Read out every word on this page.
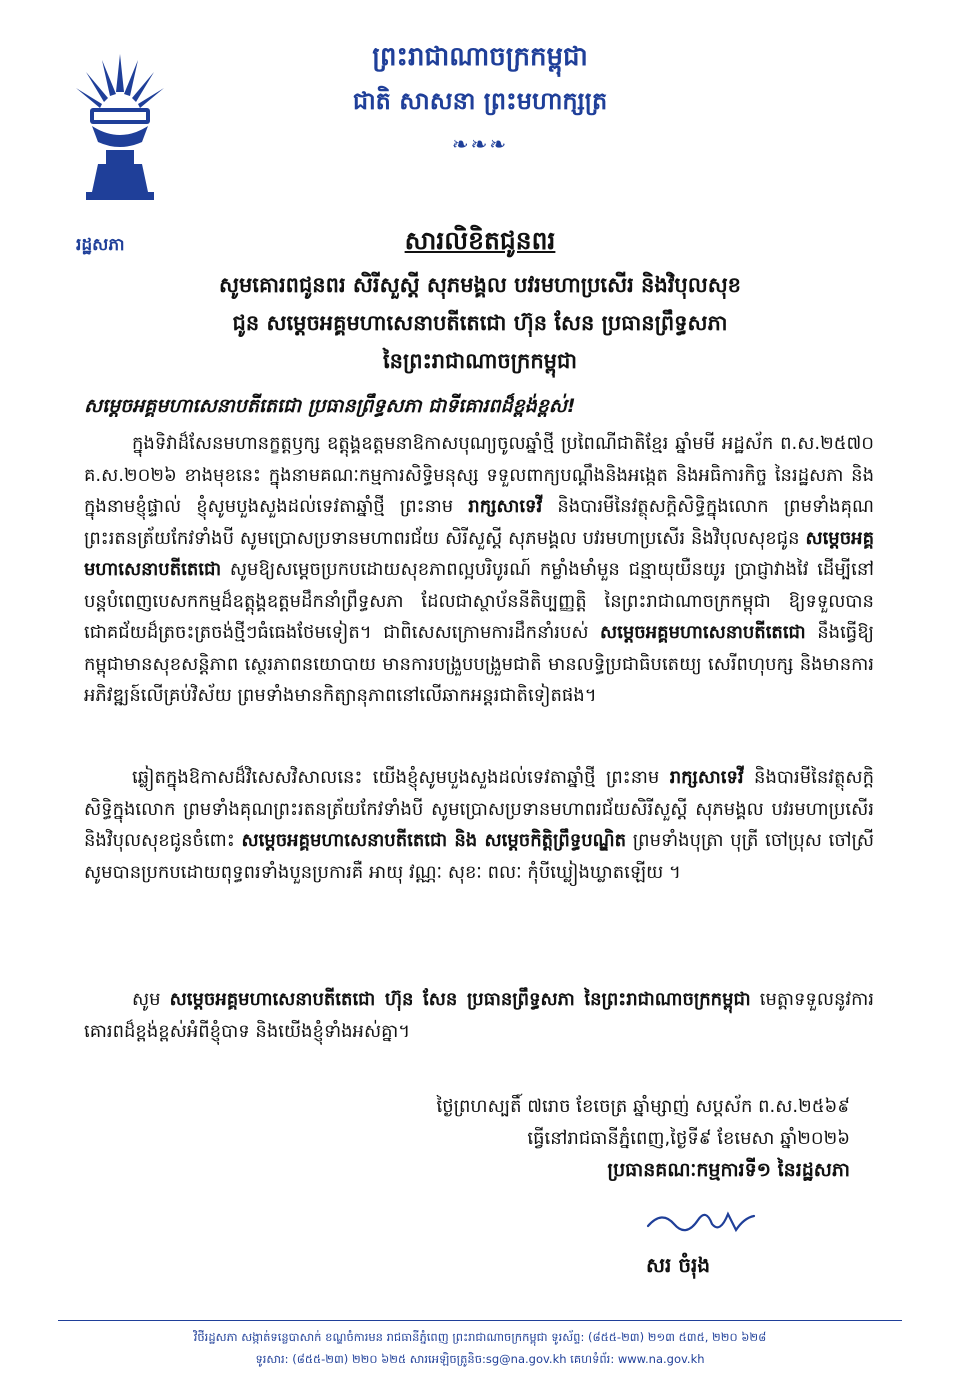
ព្រះរាជាណាចក្រកម្ពុជា
ជាតិ សាសនា ព្រះមហាក្សត្រ
❧❧❧
រដ្ឋសភា	សារលិខិតជូនពរ
សូមគោរពជូនពរ សិរីសួស្តី សុភមង្គល បវរមហាប្រសើរ និងវិបុលសុខ
ជូន សម្តេចអគ្គមហាសេនាបតីតេជោ ហ៊ុន សែន ប្រធានព្រឹទ្ធសភា
នៃព្រះរាជាណាចក្រកម្ពុជា
សម្តេចអគ្គមហាសេនាបតីតេជោ ប្រធានព្រឹទ្ធសភា ជាទីគោរពដ៏ខ្ពង់ខ្ពស់!

ក្នុងទិវាដ៏សែនមហានក្ខត្តឫក្ស ឧត្តុង្គឧត្តមនាឱកាសបុណ្យចូលឆ្នាំថ្មី ប្រពៃណីជាតិខ្មែរ ឆ្នាំមមី អដ្ឋស័ក ព.ស.២៥៧០ គ.ស.២០២៦ ខាងមុខនេះ ក្នុងនាមគណៈកម្មការសិទ្ធិមនុស្ស ទទួលពាក្យបណ្តឹងនិងអង្កេត និងអធិការកិច្ច នៃរដ្ឋសភា និងក្នុងនាមខ្ញុំផ្ទាល់ ខ្ញុំសូមបួងសួងដល់ទេវតាឆ្នាំថ្មី ព្រះនាម រាក្សសាទេវី និងបារមីនៃវត្ថុសក្តិសិទ្ធិក្នុងលោក ព្រមទាំងគុណព្រះរតនត្រ័យកែវទាំងបី សូមប្រោសប្រទានមហាពរជ័យ សិរីសួស្តី សុភមង្គល បវរមហាប្រសើរ និងវិបុលសុខជូន សម្តេចអគ្គមហាសេនាបតីតេជោ សូមឱ្យសម្តេចប្រកបដោយសុខភាពល្អបរិបូរណ៍ កម្លាំងមាំមួន ជន្មាយុយឺនយូរ ប្រាជ្ញាវាងវៃ ដើម្បីនៅបន្តបំពេញបេសកកម្មដ៏ឧត្តុង្គឧត្តមដឹកនាំព្រឹទ្ធសភា ដែលជាស្ថាប័ននីតិប្បញ្ញត្តិ នៃព្រះរាជាណាចក្រកម្ពុជា ឱ្យទទួលបានជោគជ័យដ៏ត្រចះត្រចង់ថ្មីៗធំធេងថែមទៀត។ ជាពិសេសក្រោមការដឹកនាំរបស់ សម្តេចអគ្គមហាសេនាបតីតេជោ នឹងធ្វើឱ្យកម្ពុជាមានសុខសន្តិភាព ស្ថេរភាពនយោបាយ មានការបង្រួបបង្រួមជាតិ មានលទ្ធិប្រជាធិបតេយ្យ សេរីពហុបក្ស និងមានការអភិវឌ្ឍន៍លើគ្រប់វិស័យ ព្រមទាំងមានកិត្យានុភាពនៅលើឆាកអន្តរជាតិទៀតផង។

ឆ្លៀតក្នុងឱកាសដ៏វិសេសវិសាលនេះ យើងខ្ញុំសូមបួងសួងដល់ទេវតាឆ្នាំថ្មី ព្រះនាម រាក្សសាទេវី និងបារមីនៃវត្ថុសក្តិសិទ្ធិក្នុងលោក ព្រមទាំងគុណព្រះរតនត្រ័យកែវទាំងបី សូមប្រោសប្រទានមហាពរជ័យសិរីសួស្តី សុភមង្គល បវរមហាប្រសើរ និងវិបុលសុខជូនចំពោះ សម្តេចអគ្គមហាសេនាបតីតេជោ និង សម្តេចកិត្តិព្រឹទ្ធបណ្ឌិត ព្រមទាំងបុត្រា បុត្រី ចៅប្រុស ចៅស្រី សូមបានប្រកបដោយពុទ្ធពរទាំងបួនប្រការគឺ អាយុ វណ្ណៈ សុខៈ ពលៈ កុំបីឃ្លៀងឃ្លាតឡើយ ។

សូម សម្តេចអគ្គមហាសេនាបតីតេជោ ហ៊ុន សែន ប្រធានព្រឹទ្ធសភា នៃព្រះរាជាណាចក្រកម្ពុជា មេត្តាទទួលនូវការគោរពដ៏ខ្ពង់ខ្ពស់អំពីខ្ញុំបាទ និងយើងខ្ញុំទាំងអស់គ្នា។

ថ្ងៃព្រហស្បតិ៍ ៧រោច ខែចេត្រ ឆ្នាំម្សាញ់ សប្តស័ក ព.ស.២៥៦៩
ធ្វើនៅរាជធានីភ្នំពេញ,ថ្ងៃទី៩ ខែមេសា ឆ្នាំ២០២៦
ប្រធានគណៈកម្មការទី១ នៃរដ្ឋសភា
សរ ចំរុង
វិថីរដ្ឋសភា សង្កាត់ទន្លេបាសាក់ ខណ្ឌចំការមន រាជធានីភ្នំពេញ ព្រះរាជាណាចក្រកម្ពុជា ទូរស័ព្ទ: (៨៥៥-២៣) ២១៣ ៥៣៥, ២២០ ៦២៨
ទូរសារ: (៨៥៥-២៣) ២២០ ៦២៥ សារអេឡិចត្រូនិច:sg@na.gov.kh គេហទំព័រ: www.na.gov.kh
